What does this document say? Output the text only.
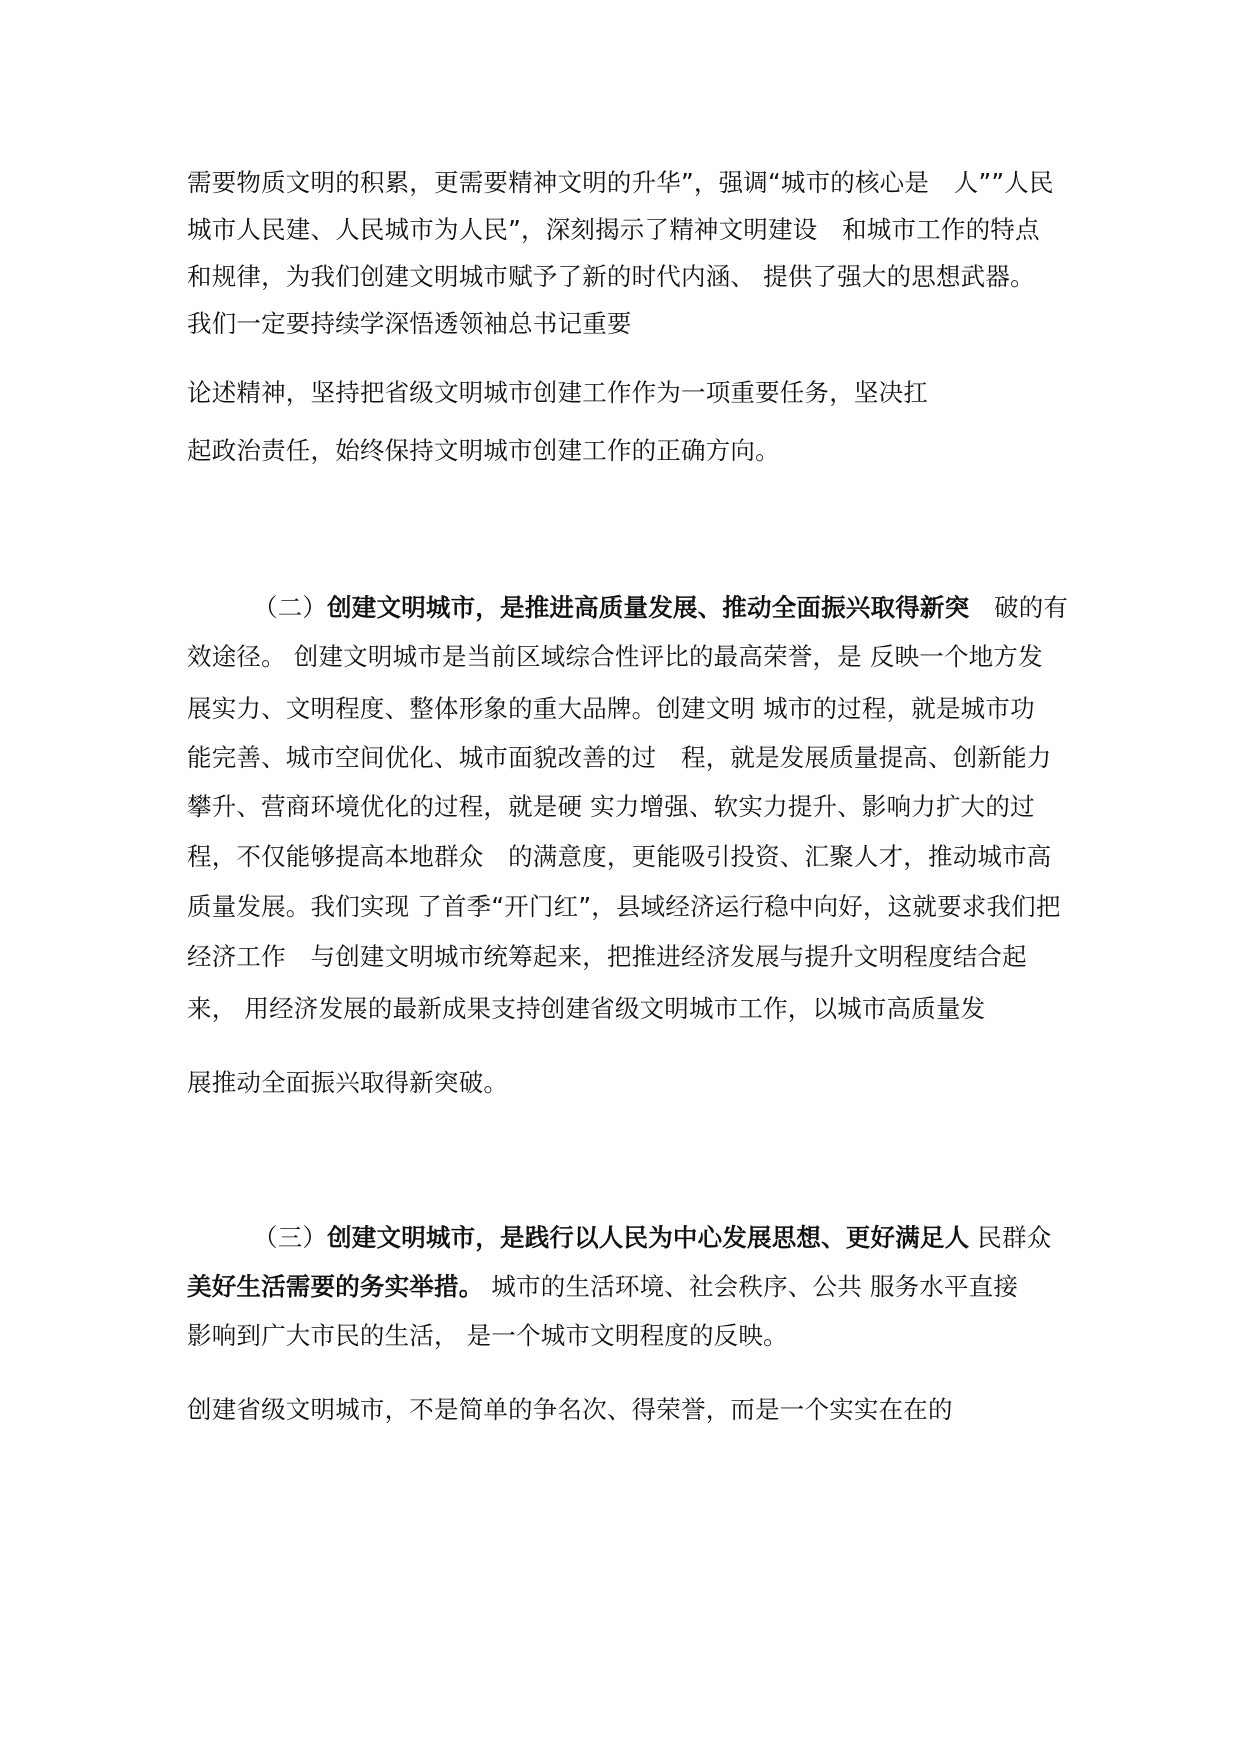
需要物质文明的积累，更需要精神文明的升华”，强调“城市的核心是　人””人民
城市人民建、人民城市为人民”，深刻揭示了精神文明建设　和城市工作的特点
和规律，为我们创建文明城市赋予了新的时代内涵、 提供了强大的思想武器。
我们一定要持续学深悟透领袖总书记重要
论述精神，坚持把省级文明城市创建工作作为一项重要任务，坚决扛
起政治责任，始终保持文明城市创建工作的正确方向。
（二）创建文明城市，是推进高质量发展、推动全面振兴取得新突　破的有
效途径。 创建文明城市是当前区域综合性评比的最高荣誉，是 反映一个地方发
展实力、文明程度、整体形象的重大品牌。创建文明 城市的过程，就是城市功
能完善、城市空间优化、城市面貌改善的过　程，就是发展质量提高、创新能力
攀升、营商环境优化的过程，就是硬 实力增强、软实力提升、影响力扩大的过
程，不仅能够提高本地群众　的满意度，更能吸引投资、汇聚人才，推动城市高
质量发展。我们实现 了首季“开门红”，县域经济运行稳中向好，这就要求我们把
经济工作　与创建文明城市统筹起来，把推进经济发展与提升文明程度结合起
来， 用经济发展的最新成果支持创建省级文明城市工作，以城市高质量发
展推动全面振兴取得新突破。
（三）创建文明城市，是践行以人民为中心发展思想、更好满足人 民群众
美好生活需要的务实举措。 城市的生活环境、社会秩序、公共 服务水平直接
影响到广大市民的生活， 是一个城市文明程度的反映。
创建省级文明城市，不是简单的争名次、得荣誉，而是一个实实在在的
